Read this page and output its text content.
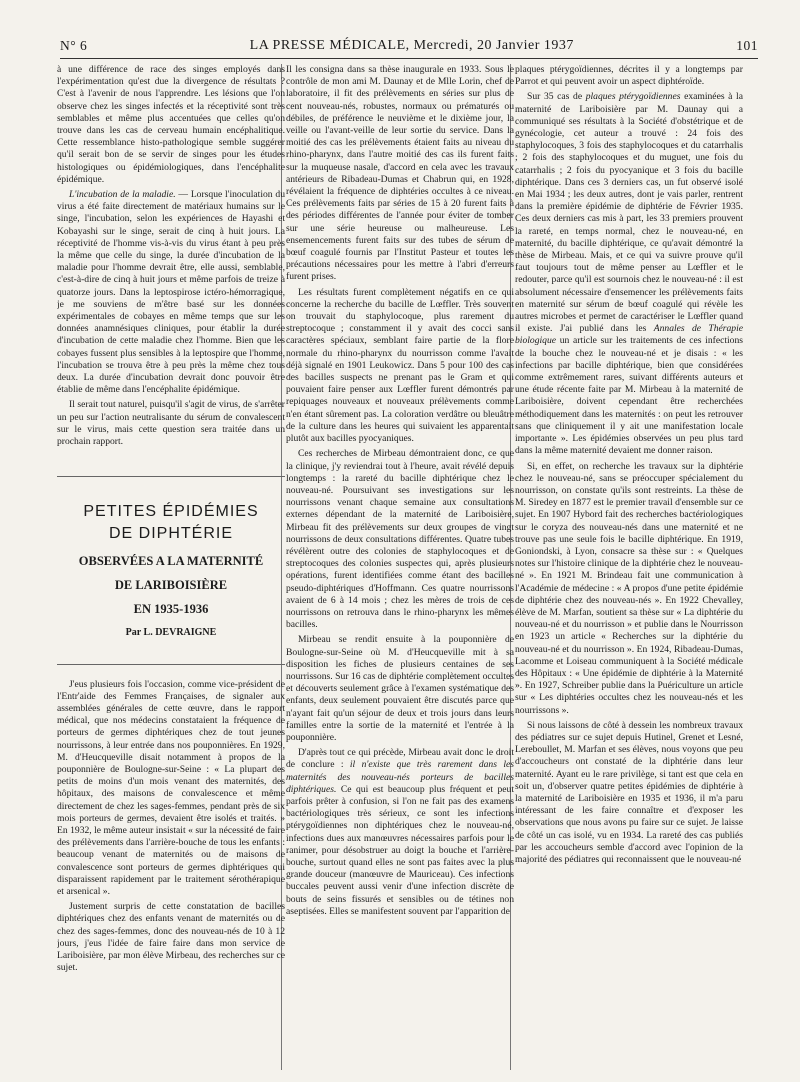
N° 6	LA PRESSE MÉDICALE, Mercredi, 20 Janvier 1937	101

à une différence de race des singes employés dans l'expérimentation qu'est due la divergence de résultats ? C'est à l'avenir de nous l'apprendre. Les lésions que l'on observe chez les singes infectés et la réceptivité sont très semblables et même plus accentuées que celles qu'on trouve dans les cas de cerveau humain encéphalitique. Cette ressemblance histo-pathologique semble suggérer qu'il serait bon de se servir de singes pour les études histologiques ou épidémiologiques, dans l'encéphalite épidémique.

L'incubation de la maladie. — Lorsque l'inoculation du virus a été faite directement de matériaux humains sur le singe, l'incubation, selon les expériences de Hayashi et Kobayashi sur le singe, serait de cinq à huit jours. La réceptivité de l'homme vis-à-vis du virus étant à peu près la même que celle du singe, la durée d'incubation de la maladie pour l'homme devrait être, elle aussi, semblable, c'est-à-dire de cinq à huit jours et même parfois de treize à quatorze jours. Dans la leptospirose ictéro-hémorragique, je me souviens de m'être basé sur les données expérimentales de cobayes en même temps que sur les données anamnésiques cliniques, pour établir la durée d'incubation de cette maladie chez l'homme. Bien que les cobayes fussent plus sensibles à la leptospire que l'homme, l'incubation se trouva être à peu près la même chez tous deux. La durée d'incubation devrait donc pouvoir être établie de même dans l'encéphalite épidémique.

Il serait tout naturel, puisqu'il s'agit de virus, de s'arrêter un peu sur l'action neutralisante du sérum de convalescent sur le virus, mais cette question sera traitée dans un prochain rapport.

PETITES ÉPIDÉMIES
DE DIPHTÉRIE
OBSERVÉES A LA MATERNITÉ
DE LARIBOISIÈRE
EN 1935-1936
Par L. DEVRAIGNE

J'eus plusieurs fois l'occasion, comme vice-président de l'Entr'aide des Femmes Françaises, de signaler aux assemblées générales de cette œuvre, dans le rapport médical, que nos médecins constataient la fréquence de porteurs de germes diphtériques chez de tout jeunes nourrissons, à leur entrée dans nos pouponnières. En 1929, M. d'Heucqueville disait notamment à propos de la pouponnière de Boulogne-sur-Seine : « La plupart des petits de moins d'un mois venant des maternités, des hôpitaux, des maisons de convalescence et même directement de chez les sages-femmes, pendant près de six mois porteurs de germes, devaient être isolés et traités. » En 1932, le même auteur insistait « sur la nécessité de faire des prélèvements dans l'arrière-bouche de tous les enfants : beaucoup venant de maternités ou de maisons de convalescence sont porteurs de germes diphtériques qui disparaissent rapidement par le traitement sérothérapique et arsenical ».

Justement surpris de cette constatation de bacilles diphtériques chez des enfants venant de maternités ou de chez des sages-femmes, donc des nouveau-nés de 10 à 12 jours, j'eus l'idée de faire faire dans mon service de Lariboisière, par mon élève Mirbeau, des recherches sur ce sujet.

Il les consigna dans sa thèse inaugurale en 1933. Sous le contrôle de mon ami M. Daunay et de Mlle Lorin, chef de laboratoire, il fit des prélèvements en séries sur plus de cent nouveau-nés, robustes, normaux ou prématurés ou débiles, de préférence le neuvième et le dixième jour, la veille ou l'avant-veille de leur sortie du service. Dans la moitié des cas les prélèvements étaient faits au niveau du rhino-pharynx, dans l'autre moitié des cas ils furent faits sur la muqueuse nasale, d'accord en cela avec les travaux antérieurs de Ribadeau-Dumas et Chabrun qui, en 1928, révélaient la fréquence de diphtéries occultes à ce niveau. Ces prélèvements faits par séries de 15 à 20 furent faits à des périodes différentes de l'année pour éviter de tomber sur une série heureuse ou malheureuse. Les ensemencements furent faits sur des tubes de sérum de bœuf coagulé fournis par l'Institut Pasteur et toutes les précautions nécessaires pour les mettre à l'abri d'erreurs furent prises.

Les résultats furent complètement négatifs en ce qui concerne la recherche du bacille de Lœffler. Très souvent on trouvait du staphylocoque, plus rarement du streptocoque ; constamment il y avait des cocci sans caractères spéciaux, semblant faire partie de la flore normale du rhino-pharynx du nourrisson comme l'avait déjà signalé en 1901 Leukowicz. Dans 5 pour 100 des cas des bacilles suspects ne prenant pas le Gram et qui pouvaient faire penser aux Lœffler furent démontrés par repiquages nouveaux et nouveaux prélèvements comme n'en étant sûrement pas. La coloration verdâtre ou bleuâtre de la culture dans les heures qui suivaient les apparentait plutôt aux bacilles pyocyaniques.

Ces recherches de Mirbeau démontraient donc, ce que la clinique, j'y reviendrai tout à l'heure, avait révélé depuis longtemps : la rareté du bacille diphtérique chez le nouveau-né. Poursuivant ses investigations sur les nourrissons venant chaque semaine aux consultations externes dépendant de la maternité de Lariboisière, Mirbeau fit des prélèvements sur deux groupes de vingt nourrissons de deux consultations différentes. Quatre tubes révélèrent outre des colonies de staphylocoques et de streptocoques des colonies suspectes qui, après plusieurs opérations, furent identifiées comme étant des bacilles pseudo-diphtériques d'Hoffmann. Ces quatre nourrissons avaient de 6 à 14 mois ; chez les mères de trois de ces nourrissons on retrouva dans le rhino-pharynx les mêmes bacilles.

Mirbeau se rendit ensuite à la pouponnière de Boulogne-sur-Seine où M. d'Heucqueville mit à sa disposition les fiches de plusieurs centaines de ses nourrissons. Sur 16 cas de diphtérie complètement occultes et découverts seulement grâce à l'examen systématique des enfants, deux seulement pouvaient être discutés parce que n'ayant fait qu'un séjour de deux et trois jours dans leurs familles entre la sortie de la maternité et l'entrée à la pouponnière.

D'après tout ce qui précède, Mirbeau avait donc le droit de conclure : il n'existe que très rarement dans les maternités des nouveau-nés porteurs de bacilles diphtériques. Ce qui est beaucoup plus fréquent et peut parfois prêter à confusion, si l'on ne fait pas des examens bactériologiques très sérieux, ce sont les infections ptérygoïdiennes non diphtériques chez le nouveau-né, infections dues aux manœuvres nécessaires parfois pour le ranimer, pour désobstruer au doigt la bouche et l'arrière-bouche, surtout quand elles ne sont pas faites avec la plus grande douceur (manœuvre de Mauriceau). Ces infections buccales peuvent aussi venir d'une infection discrète de bouts de seins fissurés et sensibles ou de tétines non aseptisées. Elles se manifestent souvent par l'apparition de

plaques ptérygoïdiennes, décrites il y a longtemps par Parrot et qui peuvent avoir un aspect diphtéroïde.

Sur 35 cas de plaques ptérygoïdiennes examinées à la maternité de Lariboisière par M. Daunay qui a communiqué ses résultats à la Société d'obstétrique et de gynécologie, cet auteur a trouvé : 24 fois des staphylocoques, 3 fois des staphylocoques et du catarrhalis ; 2 fois des staphylocoques et du muguet, une fois du catarrhalis ; 2 fois du pyocyanique et 3 fois du bacille diphtérique. Dans ces 3 derniers cas, un fut observé isolé en Mai 1934 ; les deux autres, dont je vais parler, rentrent dans la première épidémie de diphtérie de Février 1935. Ces deux derniers cas mis à part, les 33 premiers prouvent la rareté, en temps normal, chez le nouveau-né, en maternité, du bacille diphtérique, ce qu'avait démontré la thèse de Mirbeau. Mais, et ce qui va suivre prouve qu'il faut toujours tout de même penser au Lœffler et le redouter, parce qu'il est sournois chez le nouveau-né : il est absolument nécessaire d'ensemencer les prélèvements faits en maternité sur sérum de bœuf coagulé qui révèle les autres microbes et permet de caractériser le Lœffler quand il existe. J'ai publié dans les Annales de Thérapie biologique un article sur les traitements de ces infections de la bouche chez le nouveau-né et je disais : « les infections par bacille diphtérique, bien que considérées comme extrêmement rares, suivant différents auteurs et une étude récente faite par M. Mirbeau à la maternité de Lariboisière, doivent cependant être recherchées méthodiquement dans les maternités : on peut les retrouver sans que cliniquement il y ait une manifestation locale importante ». Les épidémies observées un peu plus tard dans la même maternité devaient me donner raison.

Si, en effet, on recherche les travaux sur la diphtérie chez le nouveau-né, sans se préoccuper spécialement du nourrisson, on constate qu'ils sont restreints. La thèse de M. Siredey en 1877 est le premier travail d'ensemble sur ce sujet. En 1907 Hybord fait des recherches bactériologiques sur le coryza des nouveau-nés dans une maternité et ne trouve pas une seule fois le bacille diphtérique. En 1919, Goniondski, à Lyon, consacre sa thèse sur : « Quelques notes sur l'histoire clinique de la diphtérie chez le nouveau-né ». En 1921 M. Brindeau fait une communication à l'Académie de médecine : « A propos d'une petite épidémie de diphtérie chez des nouveau-nés ». En 1922 Chevalley, élève de M. Marfan, soutient sa thèse sur « La diphtérie du nouveau-né et du nourrisson » et publie dans le Nourrisson en 1923 un article « Recherches sur la diphtérie du nouveau-né et du nourrisson ». En 1924, Ribadeau-Dumas, Lacomme et Loiseau communiquent à la Société médicale des Hôpitaux : « Une épidémie de diphtérie à la Maternité ». En 1927, Schreiber publie dans la Puériculture un article sur « Les diphtéries occultes chez les nouveau-nés et les nourrissons ».

Si nous laissons de côté à dessein les nombreux travaux des pédiatres sur ce sujet depuis Hutinel, Grenet et Lesné, Lereboullet, M. Marfan et ses élèves, nous voyons que peu d'accoucheurs ont constaté de la diphtérie dans leur maternité. Ayant eu le rare privilège, si tant est que cela en soit un, d'observer quatre petites épidémies de diphtérie à la maternité de Lariboisière en 1935 et 1936, il m'a paru intéressant de les faire connaître et d'exposer les observations que nous avons pu faire sur ce sujet. Je laisse de côté un cas isolé, vu en 1934. La rareté des cas publiés par les accoucheurs semble d'accord avec l'opinion de la majorité des pédiatres qui reconnaissent que le nouveau-né
